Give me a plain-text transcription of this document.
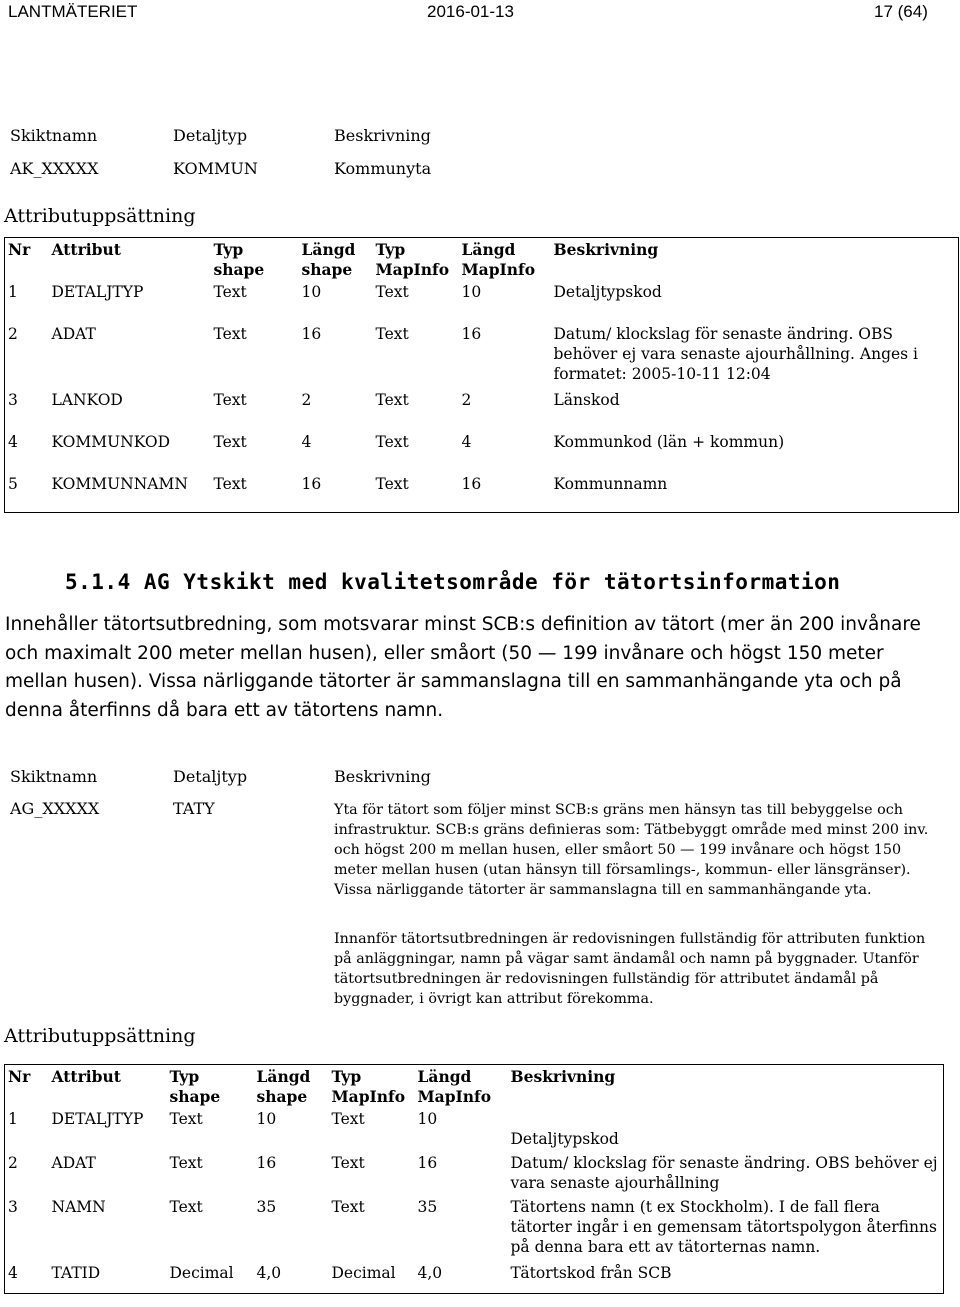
LANTMÄTERIET	2016-01-13	17 (64)
Skiktnamn	Detaljtyp	Beskrivning
AK_XXXXX	KOMMUN	Kommunyta
Attributuppsättning
Nr	Attribut	Typ shape	Längd shape	Typ MapInfo	Längd MapInfo	Beskrivning
1	DETALJTYP	Text	10	Text	10	Detaljtypskod
2	ADAT	Text	16	Text	16	Datum/ klockslag för senaste ändring. OBS behöver ej vara senaste ajourhållning. Anges i formatet: 2005-10-11 12:04
3	LANKOD	Text	2	Text	2	Länskod
4	KOMMUNKOD	Text	4	Text	4	Kommunkod (län + kommun)
5	KOMMUNNAMN	Text	16	Text	16	Kommunnamn
5.1.4 AG Ytskikt med kvalitetsområde för tätortsinformation
Innehåller tätortsutbredning, som motsvarar minst SCB:s definition av tätort (mer än 200 invånare och maximalt 200 meter mellan husen), eller småort (50 — 199 invånare och högst 150 meter mellan husen). Vissa närliggande tätorter är sammanslagna till en sammanhängande yta och på denna återfinns då bara ett av tätortens namn.
Skiktnamn	Detaljtyp	Beskrivning
AG_XXXXX	TATY	Yta för tätort som följer minst SCB:s gräns men hänsyn tas till bebyggelse och infrastruktur. SCB:s gräns definieras som: Tätbebyggt område med minst 200 inv. och högst 200 m mellan husen, eller småort 50 — 199 invånare och högst 150 meter mellan husen (utan hänsyn till församlings-, kommun- eller länsgränser). Vissa närliggande tätorter är sammanslagna till en sammanhängande yta.
Innanför tätortsutbredningen är redovisningen fullständig för attributen funktion på anläggningar, namn på vägar samt ändamål och namn på byggnader. Utanför tätortsutbredningen är redovisningen fullständig för attributet ändamål på byggnader, i övrigt kan attribut förekomma.
Attributuppsättning
Nr	Attribut	Typ shape	Längd shape	Typ MapInfo	Längd MapInfo	Beskrivning
1	DETALJTYP	Text	10	Text	10	Detaljtypskod
2	ADAT	Text	16	Text	16	Datum/ klockslag för senaste ändring. OBS behöver ej vara senaste ajourhållning
3	NAMN	Text	35	Text	35	Tätortens namn (t ex Stockholm). I de fall flera tätorter ingår i en gemensam tätortspolygon återfinns på denna bara ett av tätorternas namn.
4	TATID	Decimal	4,0	Decimal	4,0	Tätortskod från SCB
